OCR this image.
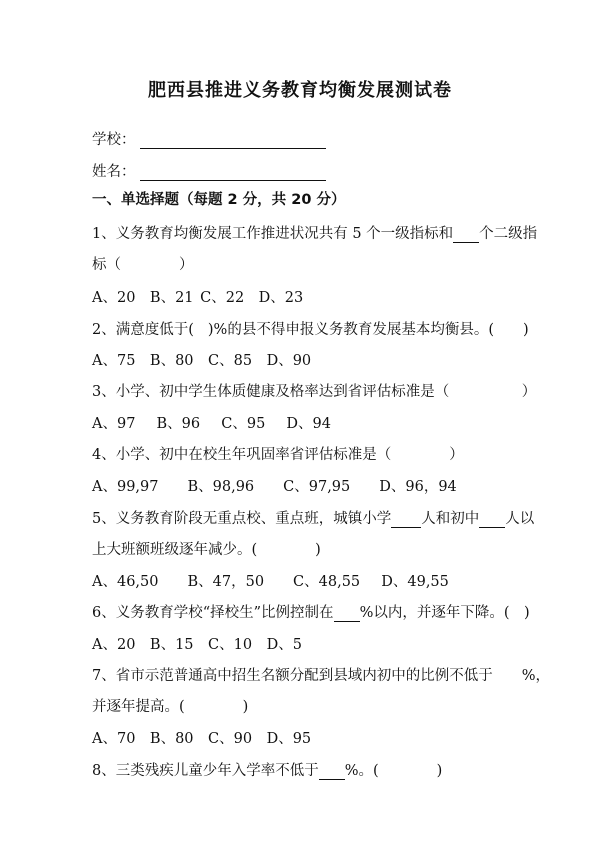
肥西县推进义务教育均衡发展测试卷
学校：
姓名：
一、单选择题（每题 2 分，共 20 分）
1、义务教育均衡发展工作推进状况共有 5 个一级指标和 个二级指
标（　　　　）
A、20　B、21 C、22　D、23
2、满意度低于( )%的县不得申报义务教育发展基本均衡县。(　　)
A、75　B、80　C、85　D、90
3、小学、初中学生体质健康及格率达到省评估标准是（　　　　　）
A、97　 B、96　 C、95　 D、94
4、小学、初中在校生年巩固率省评估标准是（　　　　）
A、99,97　　B、98,96　　C、97,95　　D、96，94
5、义务教育阶段无重点校、重点班，城镇小学 人和初中 人以
上大班额班级逐年减少。(　　　　)
A、46,50　　B、47，50　　C、48,55　 D、49,55
6、义务教育学校“择校生”比例控制在 %以内，并逐年下降。(　)
A、20　B、15　C、10　D、5
7、省市示范普通高中招生名额分配到县域内初中的比例不低于　　%，
并逐年提高。(　　　　)
A、70　B、80　C、90　D、95
8、三类残疾儿童少年入学率不低于 %。(　　　　)
